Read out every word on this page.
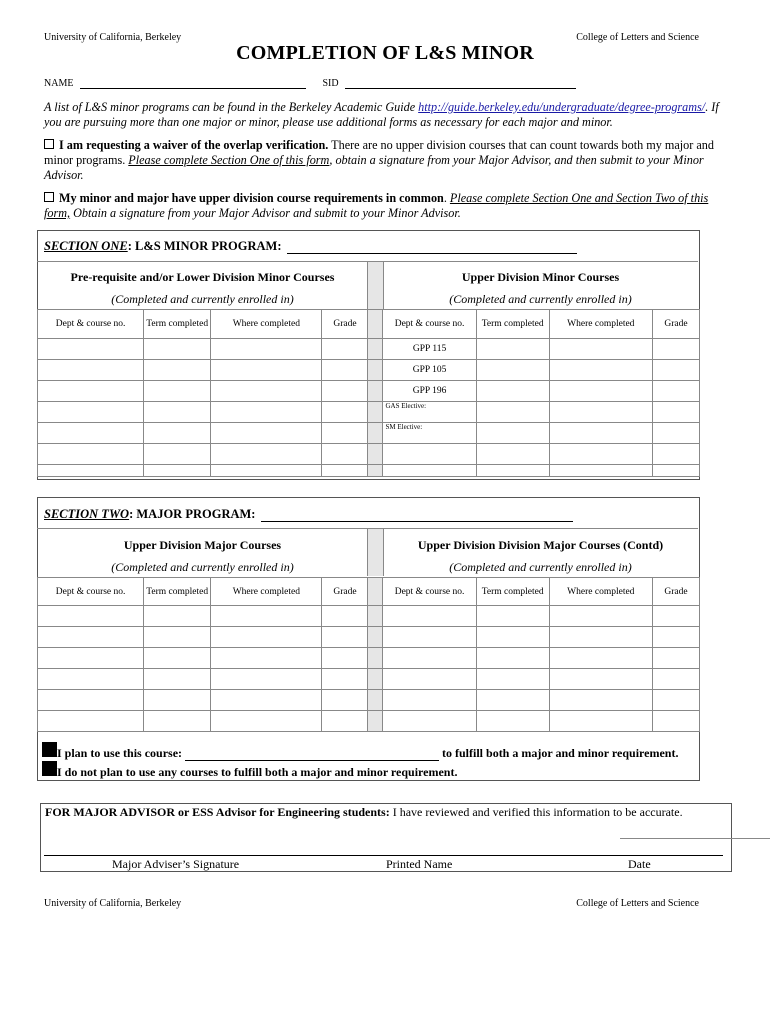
University of California, Berkeley	College of Letters and Science
COMPLETION OF L&S MINOR
NAME	SID
A list of L&S minor programs can be found in the Berkeley Academic Guide http://guide.berkeley.edu/undergraduate/degree-programs/. If you are pursuing more than one major or minor, please use additional forms as necessary for each major and minor.
I am requesting a waiver of the overlap verification. There are no upper division courses that can count towards both my major and minor programs. Please complete Section One of this form, obtain a signature from your Major Advisor, and then submit to your Minor Advisor.
My minor and major have upper division course requirements in common. Please complete Section One and Section Two of this form, Obtain a signature from your Major Advisor and submit to your Minor Advisor.
SECTION ONE: L&S MINOR PROGRAM:
Pre-requisite and/or Lower Division Minor Courses
(Completed and currently enrolled in)
Upper Division Minor Courses
(Completed and currently enrolled in)
Dept & course no.	Term completed	Where completed	Grade		Dept & course no.	Term completed	Where completed	Grade
					GPP 115			
					GPP 105			
					GPP 196			
					GAS Elective:			
					SM Elective:			

SECTION TWO: MAJOR PROGRAM:
Upper Division Major Courses
(Completed and currently enrolled in)
Upper Division Division Major Courses (Contd)
(Completed and currently enrolled in)
Dept & course no.	Term completed	Where completed	Grade		Dept & course no.	Term completed	Where completed	Grade

I plan to use this course:	to fulfill both a major and minor requirement.
I do not plan to use any courses to fulfill both a major and minor requirement.
FOR MAJOR ADVISOR or ESS Advisor for Engineering students: I have reviewed and verified this information to be accurate.
Major Adviser’s Signature	Printed Name	Date
University of California, Berkeley	College of Letters and Science
